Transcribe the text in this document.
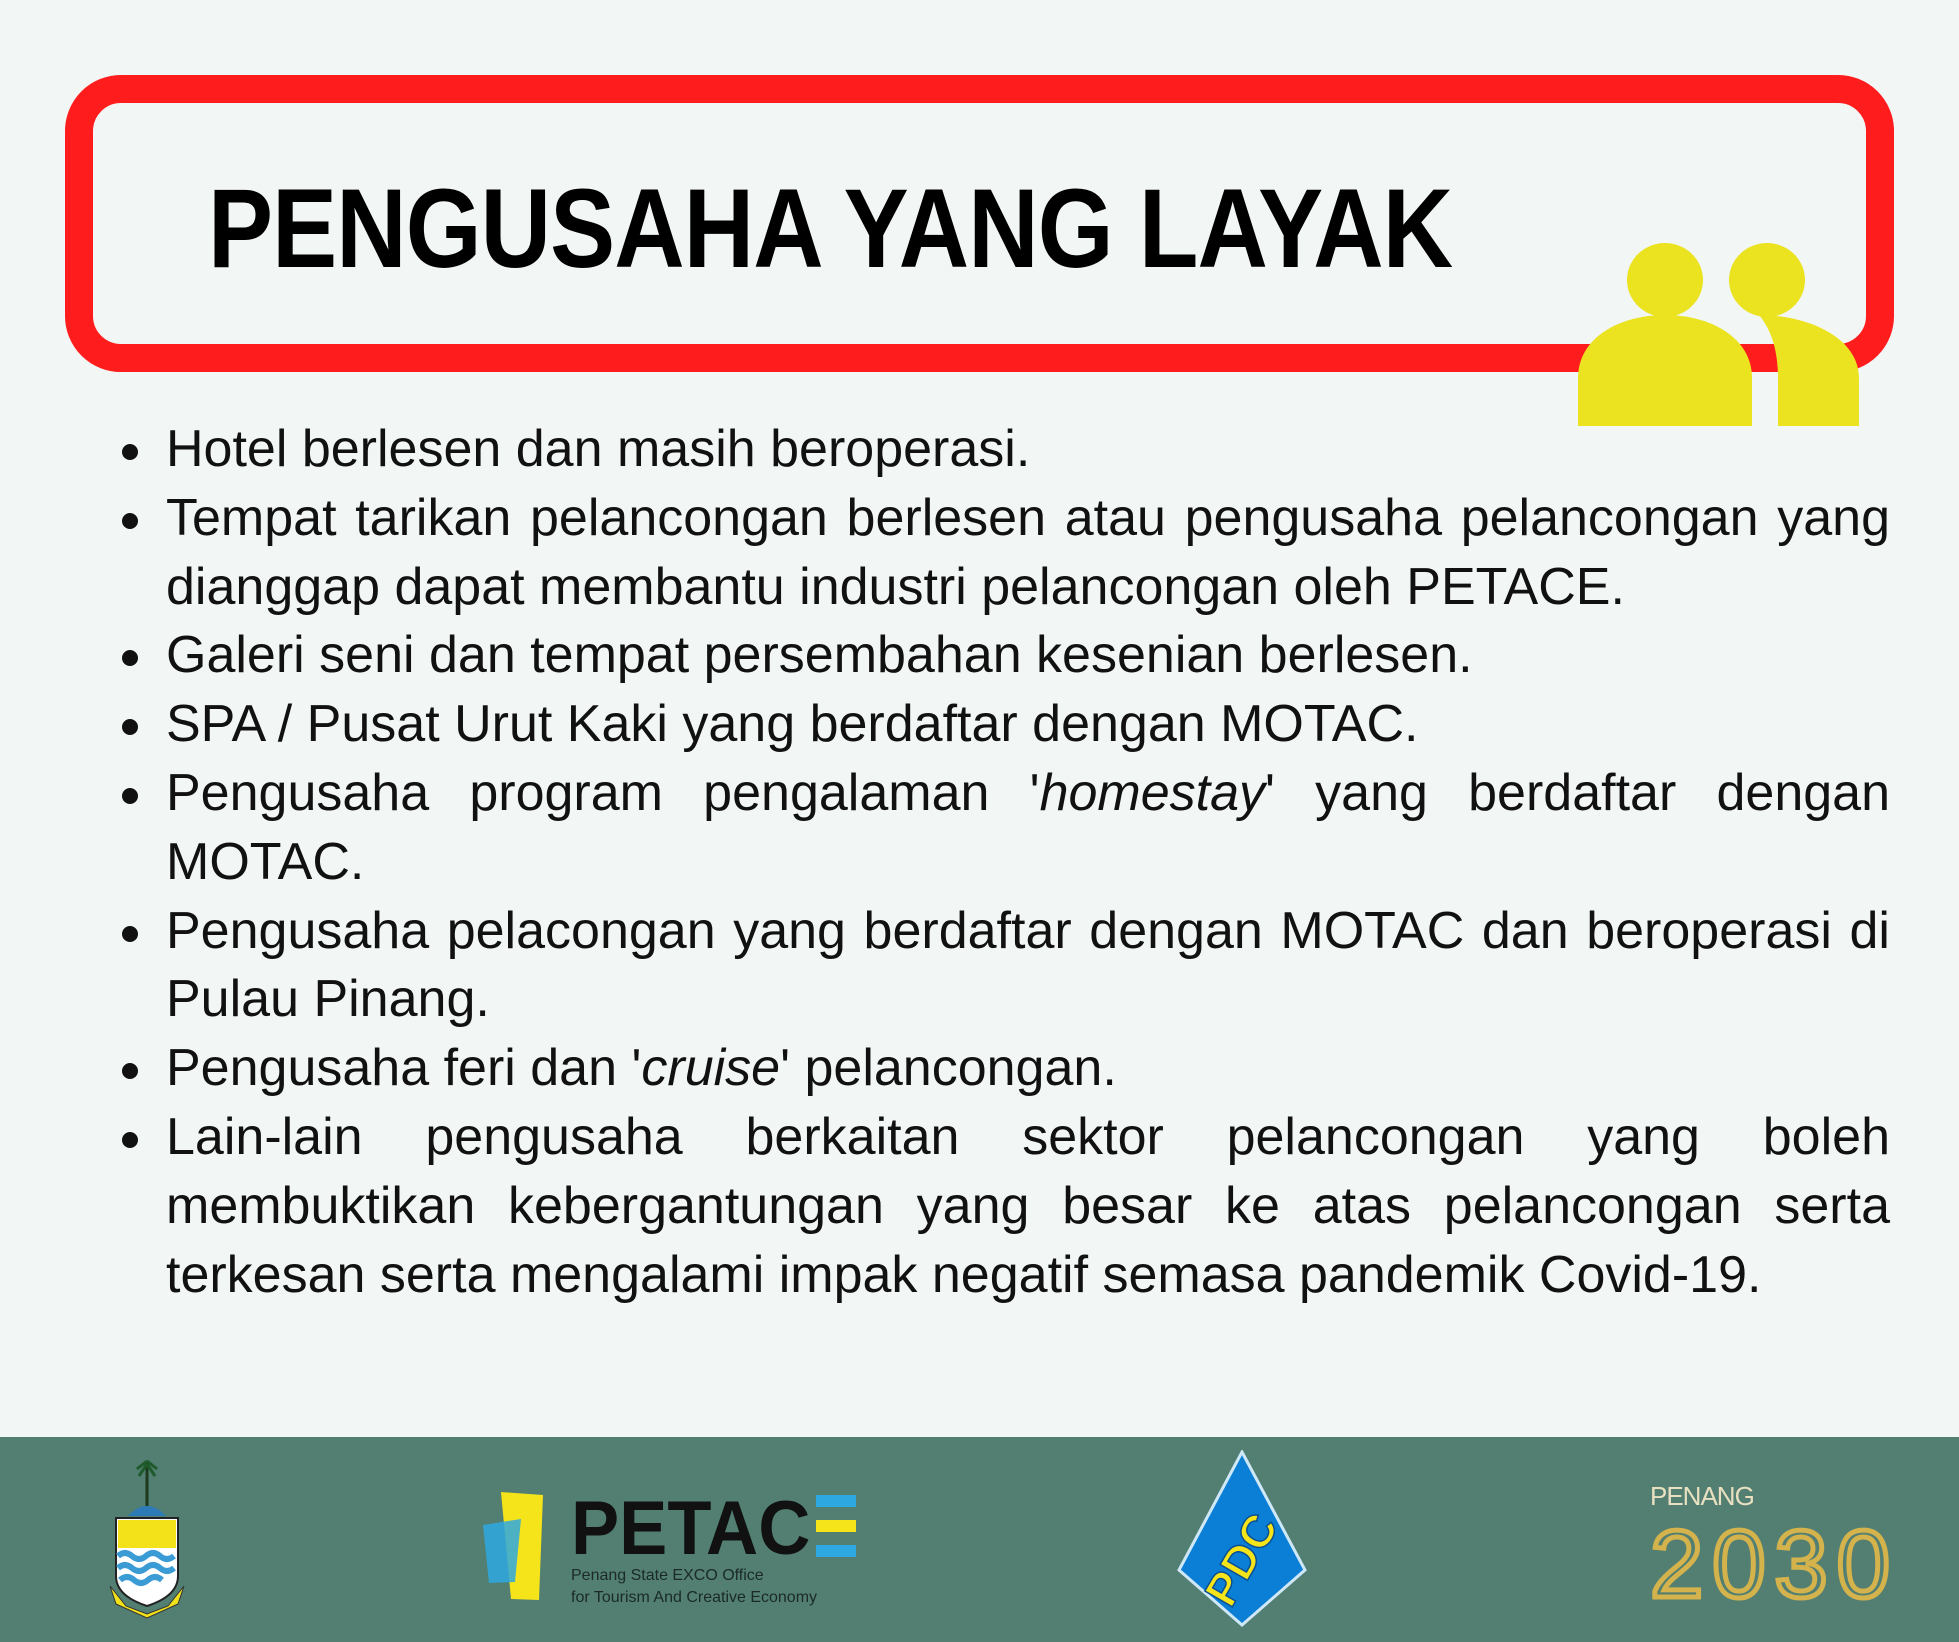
PENGUSAHA YANG LAYAK
Hotel berlesen dan masih beroperasi.
Tempat tarikan pelancongan berlesen atau pengusaha pelancongan yang dianggap dapat membantu industri pelancongan oleh PETACE.
Galeri seni dan tempat persembahan kesenian berlesen.
SPA / Pusat Urut Kaki yang berdaftar dengan MOTAC.
Pengusaha program pengalaman 'homestay' yang berdaftar dengan MOTAC.
Pengusaha pelacongan yang berdaftar dengan MOTAC dan beroperasi di Pulau Pinang.
Pengusaha feri dan 'cruise' pelancongan.
Lain-lain pengusaha berkaitan sektor pelancongan yang boleh membuktikan kebergantungan yang besar ke atas pelancongan serta terkesan serta mengalami impak negatif semasa pandemik Covid-19.
PETAC
Penang State EXCO Office
for Tourism And Creative Economy	PDC
PENANG
2030
